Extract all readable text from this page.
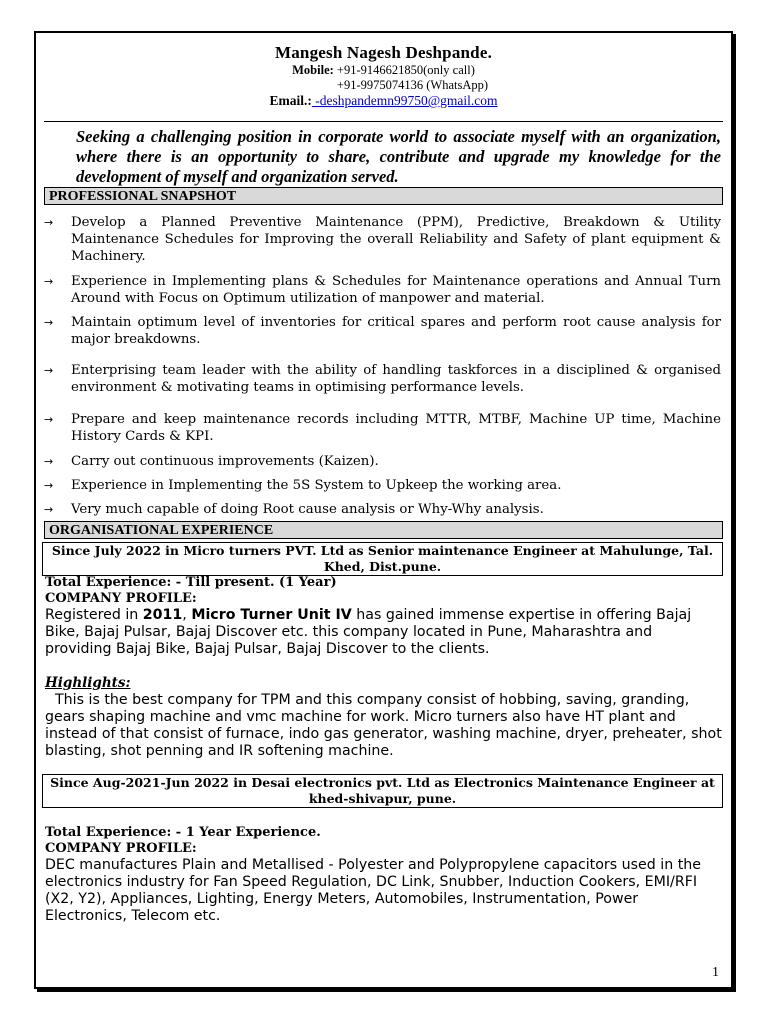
Mangesh Nagesh Deshpande.
Mobile: +91-9146621850(only call)
+91-9975074136 (WhatsApp)
Email.: -deshpandemn99750@gmail.com
Seeking a challenging position in corporate world to associate myself with an organization, where there is an opportunity to share, contribute and upgrade my knowledge for the development of myself and organization served.
PROFESSIONAL SNAPSHOT
→	Develop a Planned Preventive Maintenance (PPM), Predictive, Breakdown & Utility Maintenance Schedules for Improving the overall Reliability and Safety of plant equipment & Machinery.
→	Experience in Implementing plans & Schedules for Maintenance operations and Annual Turn Around with Focus on Optimum utilization of manpower and material.
→	Maintain optimum level of inventories for critical spares and perform root cause analysis for major breakdowns.
→	Enterprising team leader with the ability of handling taskforces in a disciplined & organised environment & motivating teams in optimising performance levels.
→	Prepare and keep maintenance records including MTTR, MTBF, Machine UP time, Machine History Cards & KPI.
→	Carry out continuous improvements (Kaizen).
→	Experience in Implementing the 5S System to Upkeep the working area.
→	Very much capable of doing Root cause analysis or Why-Why analysis.
ORGANISATIONAL EXPERIENCE
Since July 2022 in Micro turners PVT. Ltd as Senior maintenance Engineer at Mahulunge, Tal. Khed, Dist.pune.
Total Experience: - Till present. (1 Year)
COMPANY PROFILE:
Registered in 2011, Micro Turner Unit IV has gained immense expertise in offering Bajaj Bike, Bajaj Pulsar, Bajaj Discover etc. this company located in Pune, Maharashtra and providing Bajaj Bike, Bajaj Pulsar, Bajaj Discover to the clients.
Highlights:
This is the best company for TPM and this company consist of hobbing, saving, granding, gears shaping machine and vmc machine for work. Micro turners also have HT plant and instead of that consist of furnace, indo gas generator, washing machine, dryer, preheater, shot blasting, shot penning and IR softening machine.
Since Aug-2021-Jun 2022 in Desai electronics pvt. Ltd as Electronics Maintenance Engineer at khed-shivapur, pune.
Total Experience: - 1 Year Experience.
COMPANY PROFILE:
DEC manufactures Plain and Metallised - Polyester and Polypropylene capacitors used in the electronics industry for Fan Speed Regulation, DC Link, Snubber, Induction Cookers, EMI/RFI (X2, Y2), Appliances, Lighting, Energy Meters, Automobiles, Instrumentation, Power Electronics, Telecom etc.
1
